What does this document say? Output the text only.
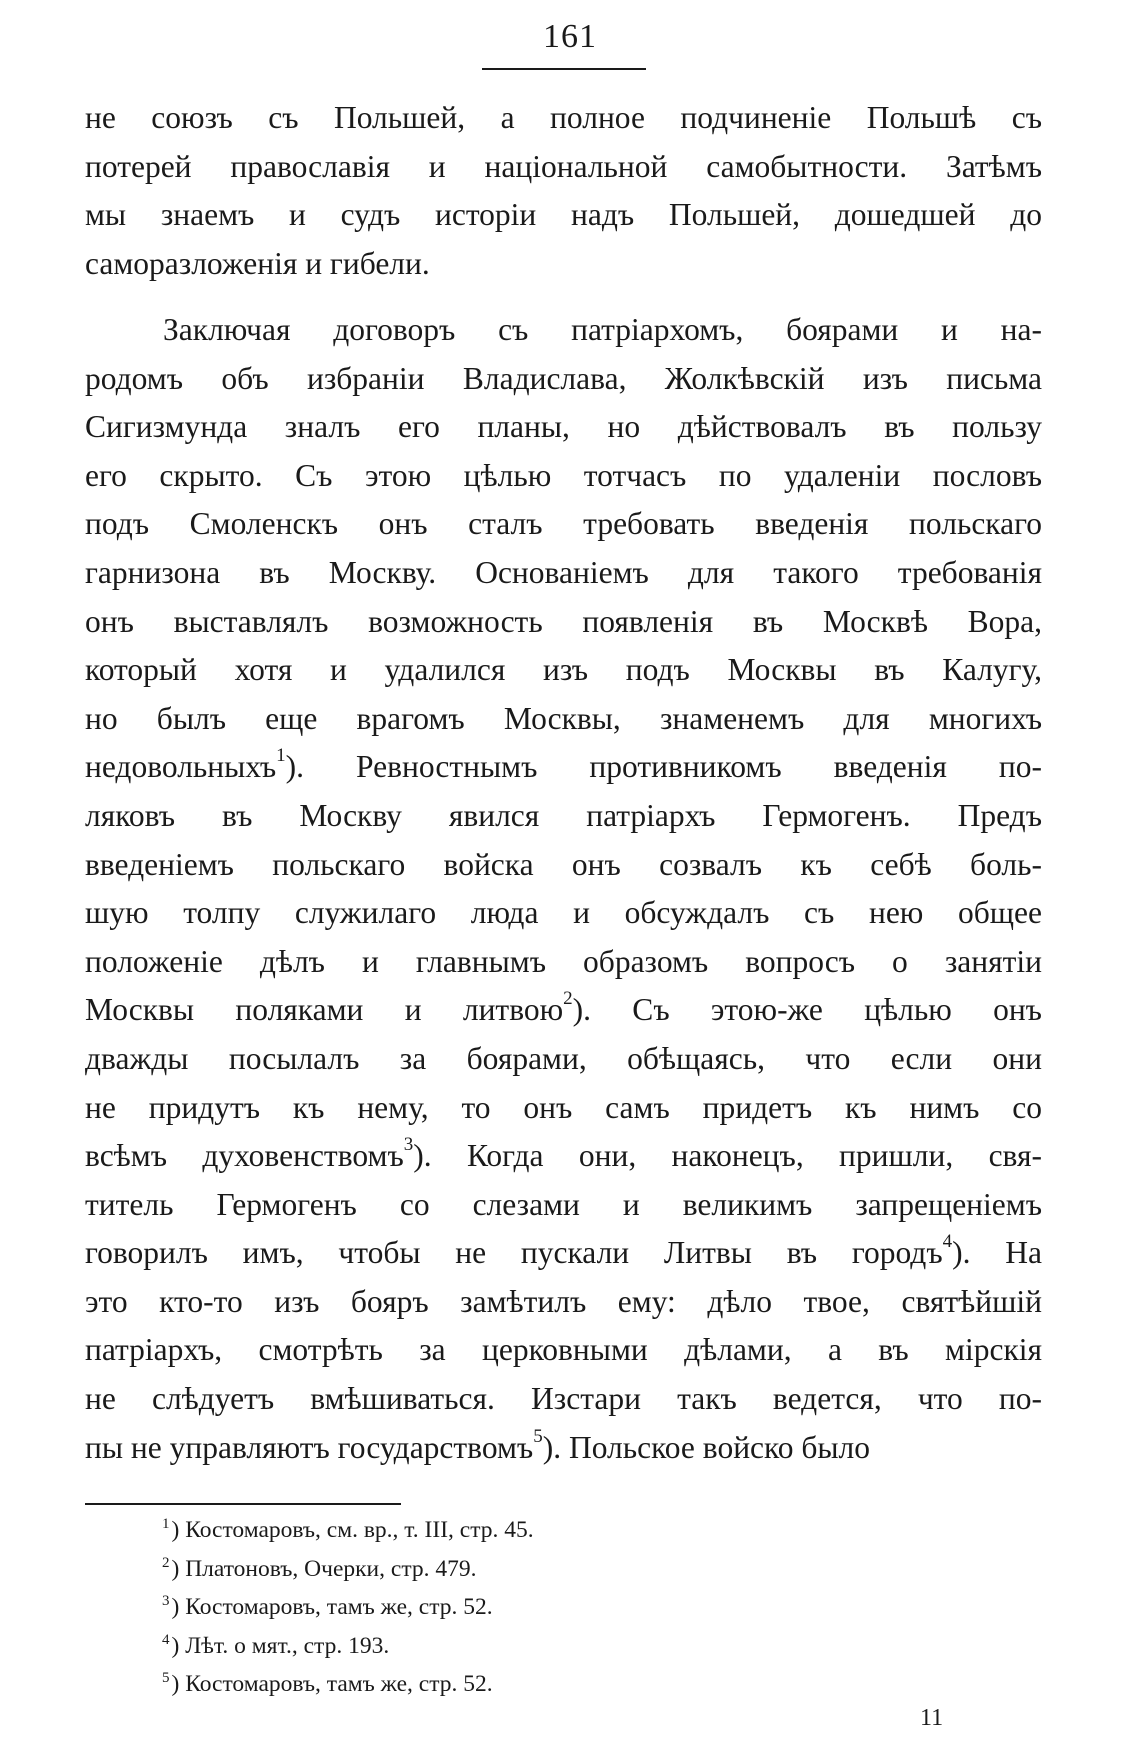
161
не союзъ съ Польшей, а полное подчиненіе Польшѣ съ
потерей православія и національной самобытности. Затѣмъ
мы знаемъ и судъ исторіи надъ Польшей, дошедшей до
саморазложенія и гибели.
Заключая договоръ съ патріархомъ, боярами и на-
родомъ объ избраніи Владислава, Жолкѣвскій изъ письма
Сигизмунда зналъ его планы, но дѣйствовалъ въ пользу
его скрыто. Съ этою цѣлью тотчасъ по удаленіи пословъ
подъ Смоленскъ онъ сталъ требовать введенія польскаго
гарнизона въ Москву. Основаніемъ для такого требованія
онъ выставлялъ возможность появленія въ Москвѣ Вора,
который хотя и удалился изъ подъ Москвы въ Калугу,
но былъ еще врагомъ Москвы, знаменемъ для многихъ
недовольныхъ$^1$). Ревностнымъ противникомъ введенія по-
ляковъ въ Москву явился патріархъ Гермогенъ. Предъ
введеніемъ польскаго войска онъ созвалъ къ себѣ боль-
шую толпу служилаго люда и обсуждалъ съ нею общее
положеніе дѣлъ и главнымъ образомъ вопросъ о занятіи
Москвы поляками и литвою$^2$). Съ этою-же цѣлью онъ
дважды посылалъ за боярами, обѣщаясь, что если они
не придутъ къ нему, то онъ самъ придетъ къ нимъ со
всѣмъ духовенствомъ$^3$). Когда они, наконецъ, пришли, свя-
титель Гермогенъ со слезами и великимъ запрещеніемъ
говорилъ имъ, чтобы не пускали Литвы въ городъ$^4$). На
это кто-то изъ бояръ замѣтилъ ему: дѣло твое, святѣйшій
патріархъ, смотрѣть за церковными дѣлами, а въ мірскія
не слѣдуетъ вмѣшиваться. Изстари такъ ведется, что по-
пы не управляютъ государствомъ$^5$). Польское войско было
$^1$) Костомаровъ, см. вр., т. III, стр. 45.
$^2$) Платоновъ, Очерки, стр. 479.
$^3$) Костомаровъ, тамъ же, стр. 52.
$^4$) Лѣт. о мят., стр. 193.
$^5$) Костомаровъ, тамъ же, стр. 52.
11
